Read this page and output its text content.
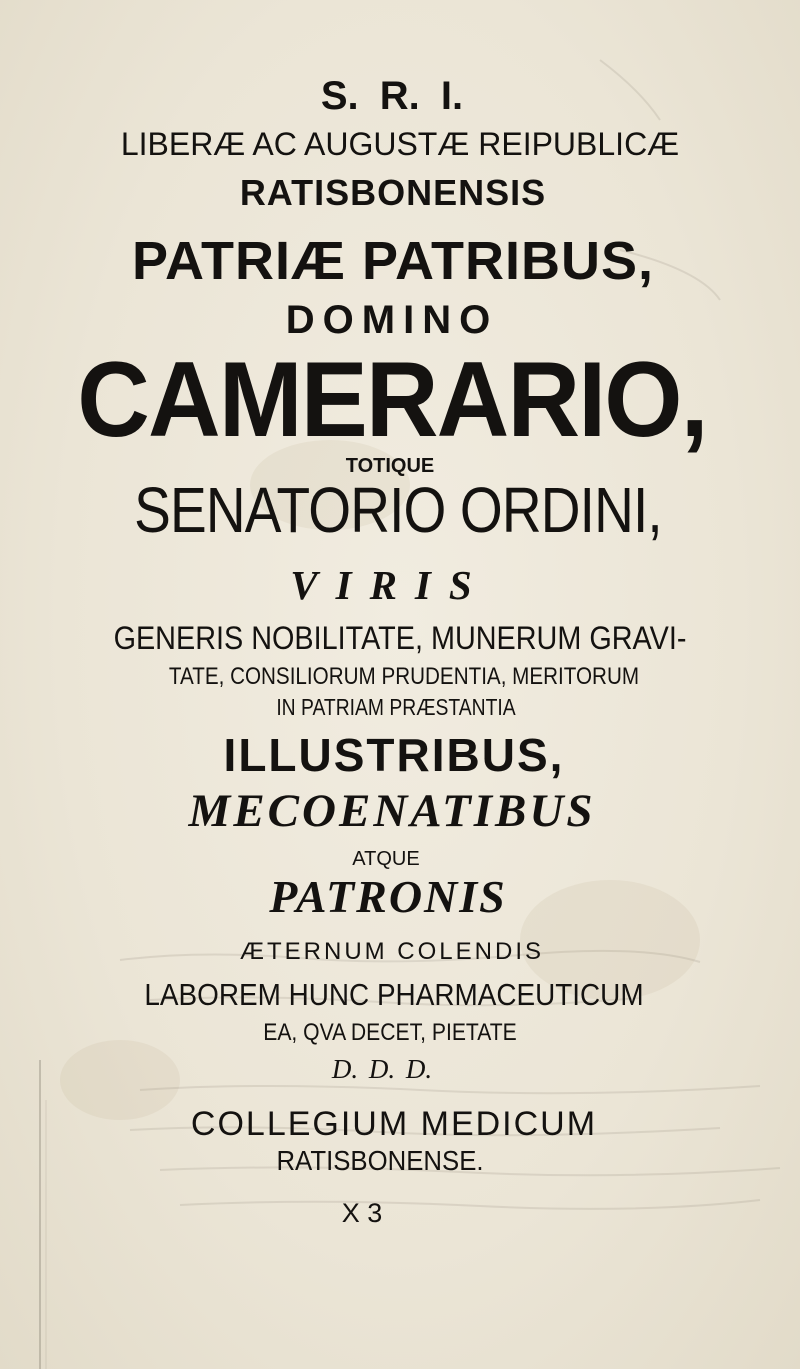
S. R. I.
LIBERÆ AC AUGUSTÆ REIPUBLICÆ
RATISBONENSIS
PATRIÆ PATRIBUS,
DOMINO
CAMERARIO,
TOTIQUE
SENATORIO ORDINI,
VIRIS
GENERIS NOBILITATE, MUNERUM GRAVI-
TATE, CONSILIORUM PRUDENTIA, MERITORUM
IN PATRIAM PRÆSTANTIA
ILLUSTRIBUS,
MECOENATIBUS
ATQUE
PATRONIS
ÆTERNUM COLENDIS
LABOREM HUNC PHARMACEUTICUM
EA, QVA DECET, PIETATE
D. D. D.
COLLEGIUM MEDICUM
RATISBONENSE.
X 3
